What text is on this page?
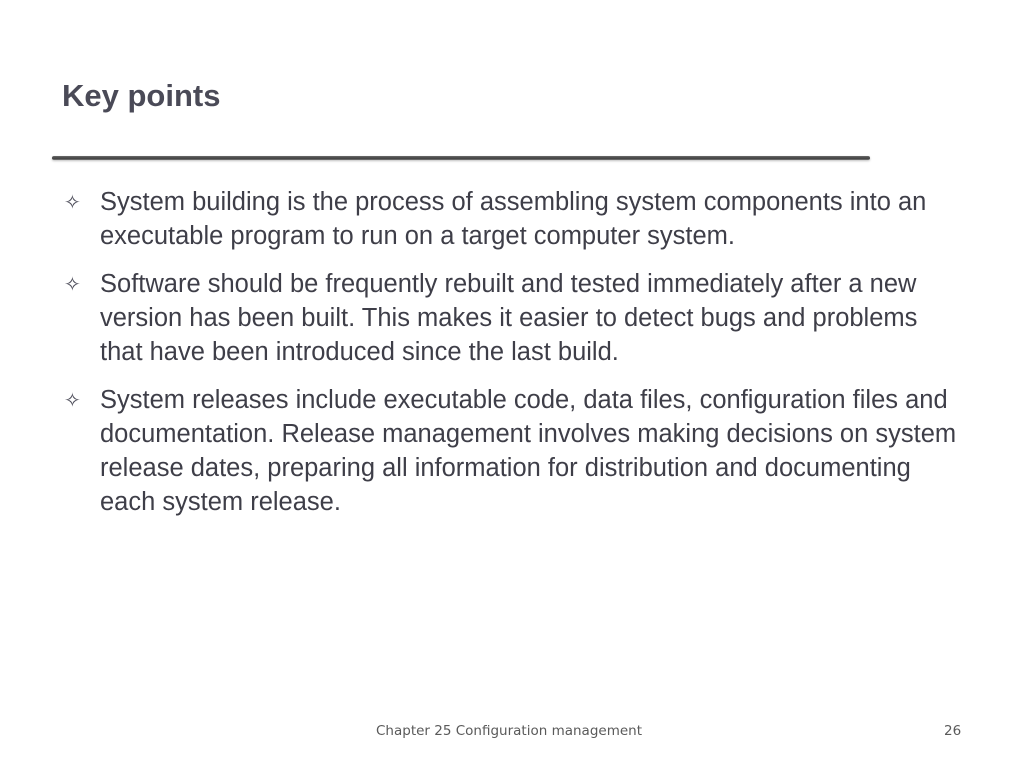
Key points
✧ System building is the process of assembling system components into an executable program to run on a target computer system.
✧ Software should be frequently rebuilt and tested immediately after a new version has been built. This makes it easier to detect bugs and problems that have been introduced since the last build.
✧ System releases include executable code, data files, configuration files and documentation. Release management involves making decisions on system release dates, preparing all information for distribution and documenting each system release.
Chapter 25 Configuration management	26
